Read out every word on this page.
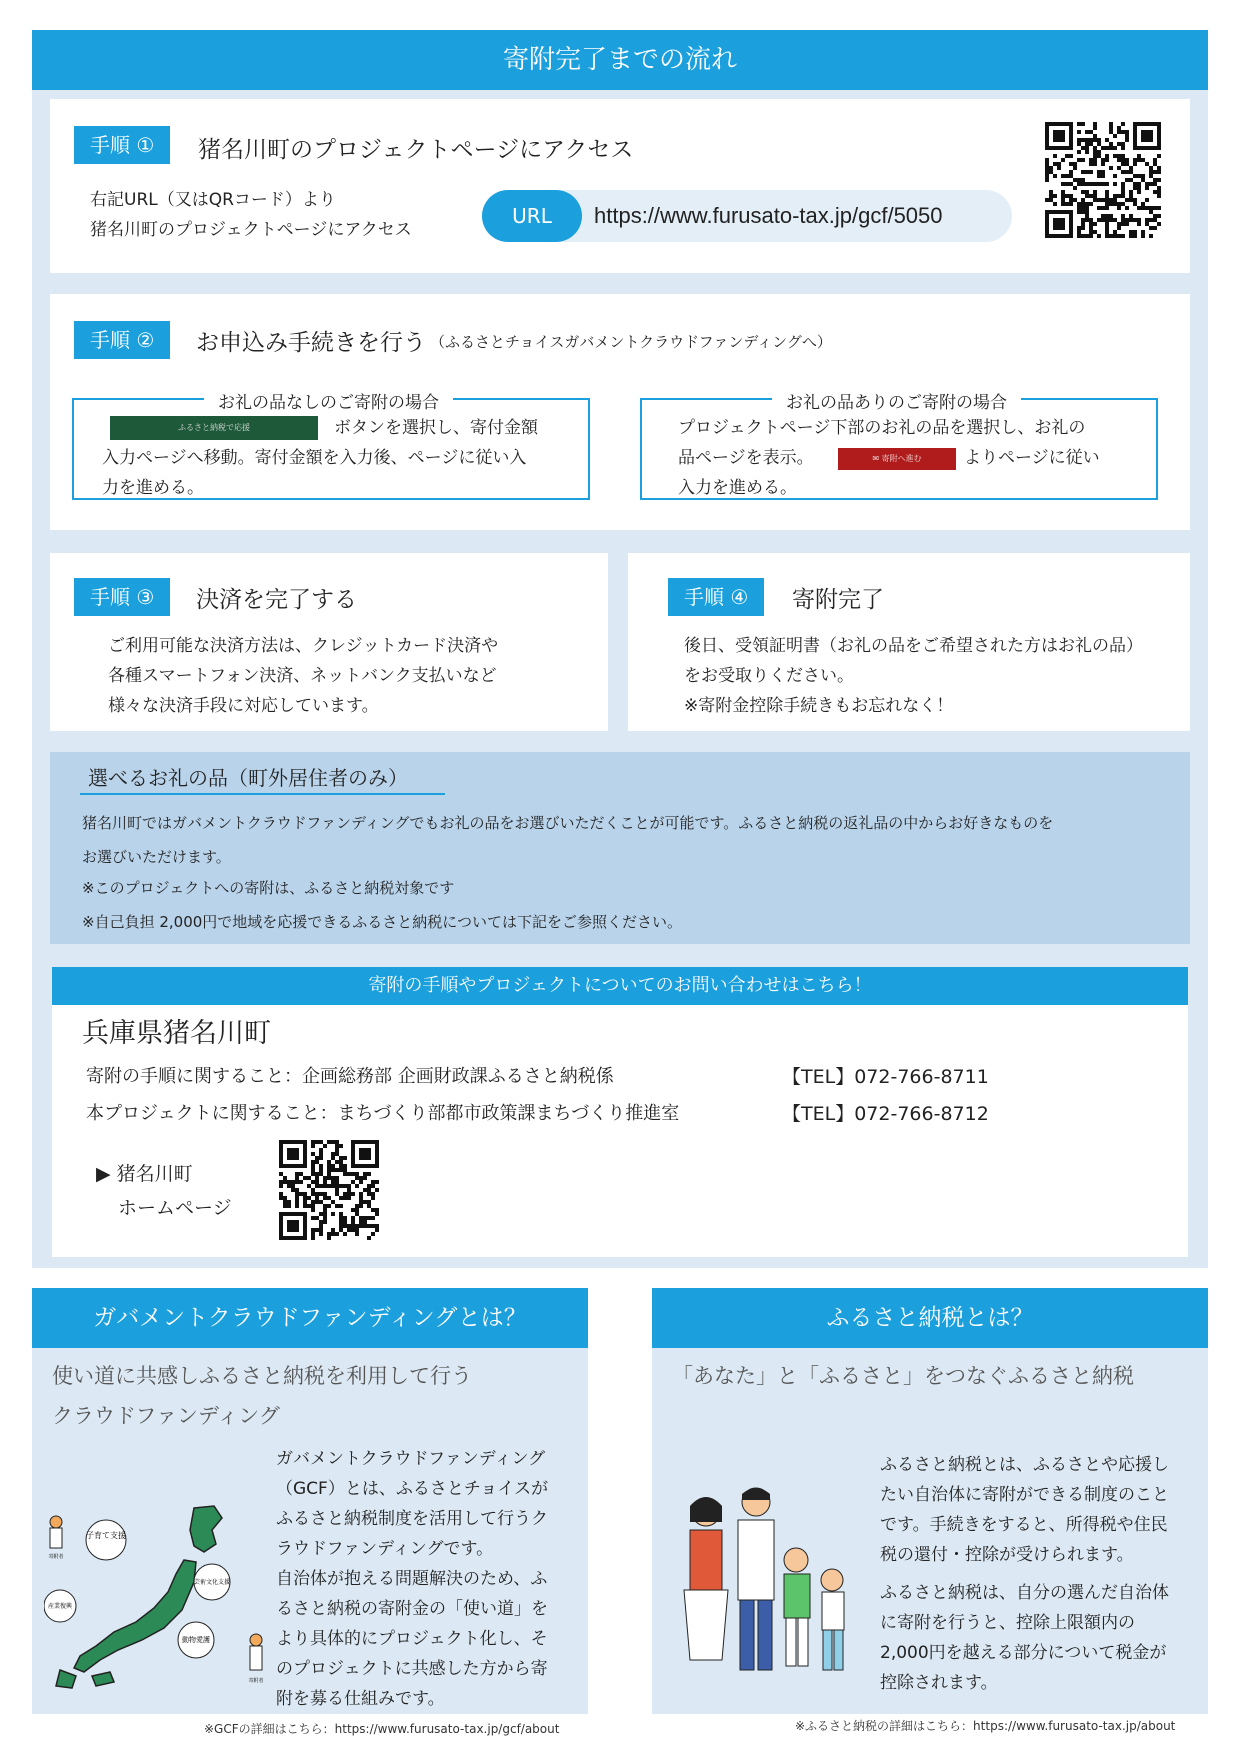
寄附完了までの流れ
手順 ①	猪名川町のプロジェクトページにアクセス
右記URL（又はQRコード）より
猪名川町のプロジェクトページにアクセス
URL	https://www.furusato-tax.jp/gcf/5050
手順 ②	お申込み手続きを行う （ふるさとチョイスガバメントクラウドファンディングへ）
お礼の品なしのご寄附の場合
ふるさと納税で応援	ボタンを選択し、寄付金額
入力ページへ移動。寄付金額を入力後、ページに従い入
力を進める。
お礼の品ありのご寄附の場合
プロジェクトページ下部のお礼の品を選択し、お礼の
品ページを表示。	✉ 寄附へ進む	よりページに従い
入力を進める。
手順 ③	決済を完了する
ご利用可能な決済方法は、クレジットカード決済や
各種スマートフォン決済、ネットバンク支払いなど
様々な決済手段に対応しています。
手順 ④	寄附完了
後日、受領証明書（お礼の品をご希望された方はお礼の品）
をお受取りください。
※寄附金控除手続きもお忘れなく！
選べるお礼の品（町外居住者のみ）
猪名川町ではガバメントクラウドファンディングでもお礼の品をお選びいただくことが可能です。ふるさと納税の返礼品の中からお好きなものを
お選びいただけます。
※このプロジェクトへの寄附は、ふるさと納税対象です
※自己負担 2,000円で地域を応援できるふるさと納税については下記をご参照ください。
寄附の手順やプロジェクトについてのお問い合わせはこちら！
兵庫県猪名川町
寄附の手順に関すること：企画総務部 企画財政課ふるさと納税係	【TEL】072-766-8711
本プロジェクトに関すること：まちづくり部都市政策課まちづくり推進室	【TEL】072-766-8712
▶ 猪名川町
ホームページ
ガバメントクラウドファンディングとは？
使い道に共感しふるさと納税を利用して行う
クラウドファンディング
ガバメントクラウドファンディング
（GCF）とは、ふるさとチョイスが
ふるさと納税制度を活用して行うク
ラウドファンディングです。
自治体が抱える問題解決のため、ふ
るさと納税の寄附金の「使い道」を
より具体的にプロジェクト化し、そ
のプロジェクトに共感した方から寄
附を募る仕組みです。
子育て支援
芸術文化支援
産業復興
動物愛護
寄附者
寄附者
※GCFの詳細はこちら：https://www.furusato-tax.jp/gcf/about
ふるさと納税とは？
「あなた」と「ふるさと」をつなぐふるさと納税
ふるさと納税とは、ふるさとや応援し
たい自治体に寄附ができる制度のこと
です。手続きをすると、所得税や住民
税の還付・控除が受けられます。
ふるさと納税は、自分の選んだ自治体
に寄附を行うと、控除上限額内の
2,000円を越える部分について税金が
控除されます。
※ふるさと納税の詳細はこちら：https://www.furusato-tax.jp/about
